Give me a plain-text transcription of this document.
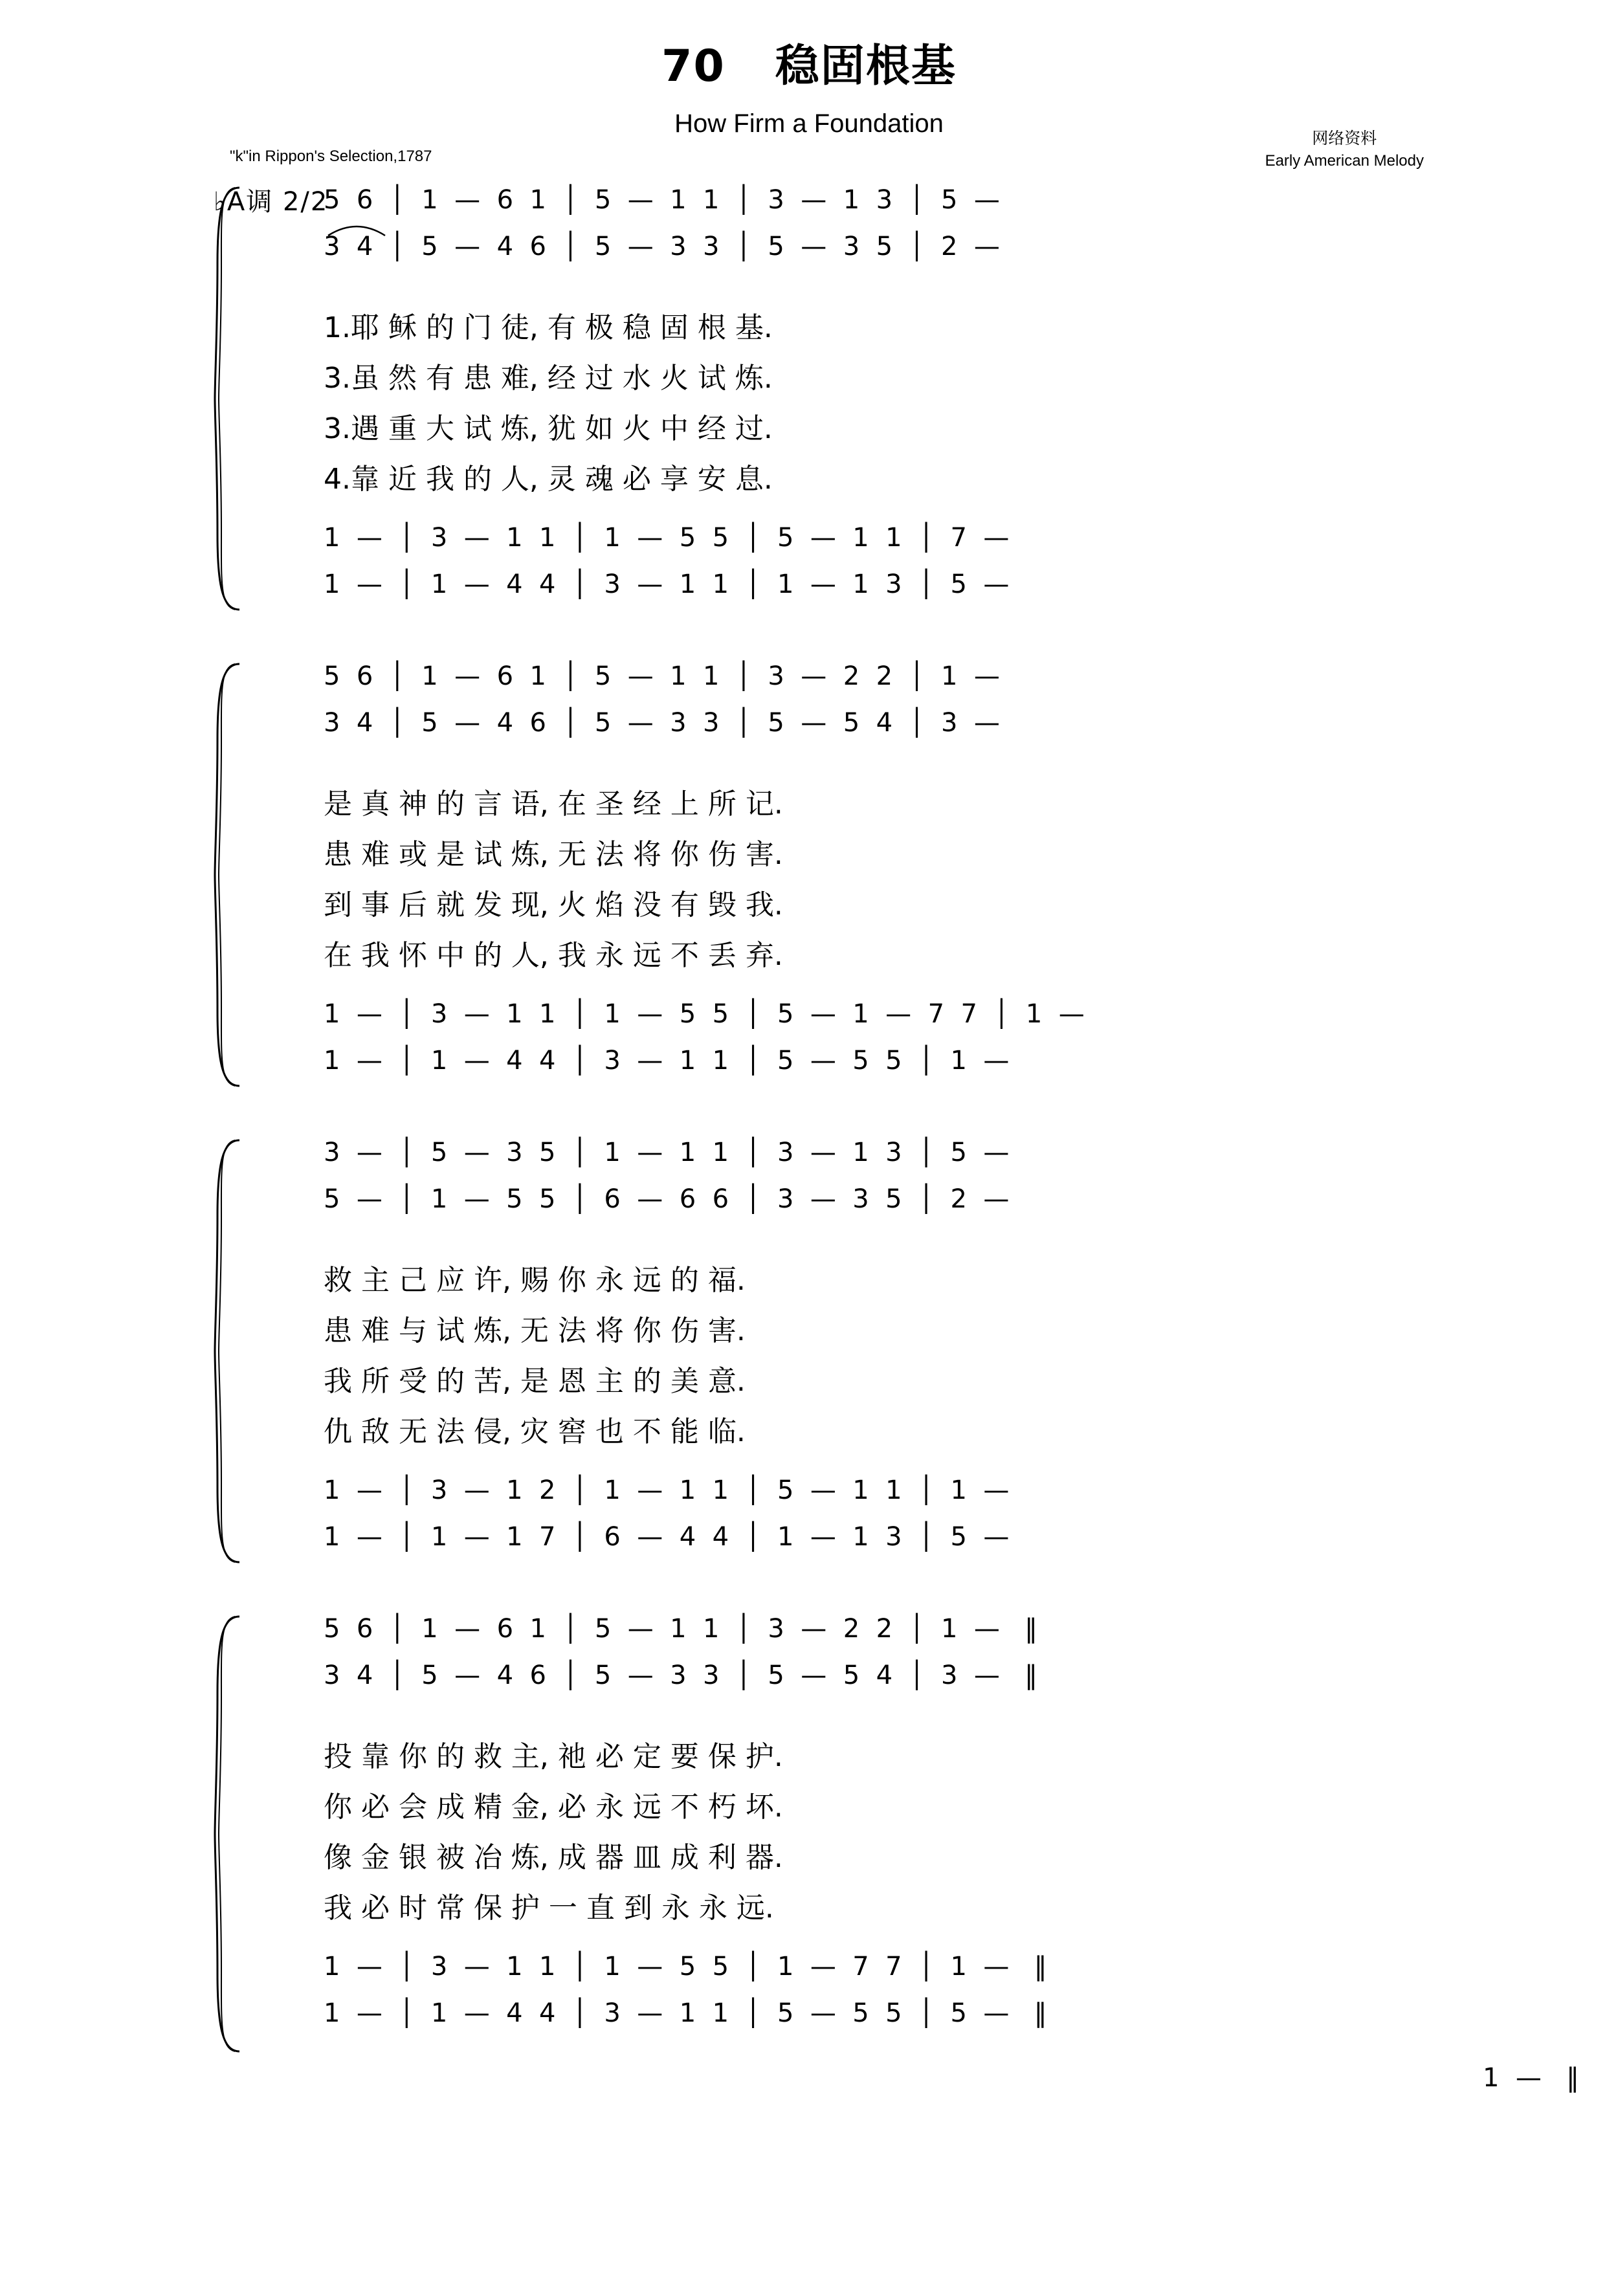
70 稳固根基
How Firm a Foundation
"k"in Rippon's Selection,1787
网络资料
Early American Melody
♭A调 2/2
5  6  │  1  —  6  1  │  5  —  1  1  │  3  —  1  3  │  5  —
3  4  │  5  —  4  6  │  5  —  3  3  │  5  —  3  5  │  2  —
1.耶 稣 的 门 徒, 有 极 稳 固 根 基.
3.虽 然 有 患 难, 经 过 水 火 试 炼.
3.遇 重 大 试 炼, 犹 如 火 中 经 过.
4.靠 近 我 的 人, 灵 魂 必 享 安 息.
1  —  │  3  —  1  1  │  1  —  5  5  │  5  —  1  1  │  7  —
1  —  │  1  —  4  4  │  3  —  1  1  │  1  —  1  3  │  5  —
5  6  │  1  —  6  1  │  5  —  1  1  │  3  —  2  2  │  1  —
3  4  │  5  —  4  6  │  5  —  3  3  │  5  —  5  4  │  3  —
是 真 神 的 言 语, 在 圣 经 上 所 记.
患 难 或 是 试 炼, 无 法 将 你 伤 害.
到 事 后 就 发 现, 火 焰 没 有 毁 我.
在 我 怀 中 的 人, 我 永 远 不 丢 弃.
1  —  │  3  —  1  1  │  1  —  5  5  │  5  —  1  —  7  7  │  1  —
1  —  │  1  —  4  4  │  3  —  1  1  │  5  —  5  5  │  1  —
3  —  │  5  —  3  5  │  1  —  1  1  │  3  —  1  3  │  5  —
5  —  │  1  —  5  5  │  6  —  6  6  │  3  —  3  5  │  2  —
救 主 己 应 许, 赐 你 永 远 的 福.
患 难 与 试 炼, 无 法 将 你 伤 害.
我 所 受 的 苦, 是 恩 主 的 美 意.
仇 敌 无 法 侵, 灾 窖 也 不 能 临.
1  —  │  3  —  1  2  │  1  —  1  1  │  5  —  1  1  │  1  —
1  —  │  1  —  1  7  │  6  —  4  4  │  1  —  1  3  │  5  —
5  6  │  1  —  6  1  │  5  —  1  1  │  3  —  2  2  │  1  —   ‖
3  4  │  5  —  4  6  │  5  —  3  3  │  5  —  5  4  │  3  —   ‖
投 靠 你 的 救 主, 祂 必 定 要 保 护.
你 必 会 成 精 金, 必 永 远 不 朽 坏.
像 金 银 被 冶 炼, 成 器 皿 成 利 器.
我 必 时 常 保 护 一 直 到 永 永 远.
1  —  │  3  —  1  1  │  1  —  5  5  │  1  —  7  7  │  1  —   ‖
1  —  │  1  —  4  4  │  3  —  1  1  │  5  —  5  5  │  5  —   ‖
1  —   ‖
